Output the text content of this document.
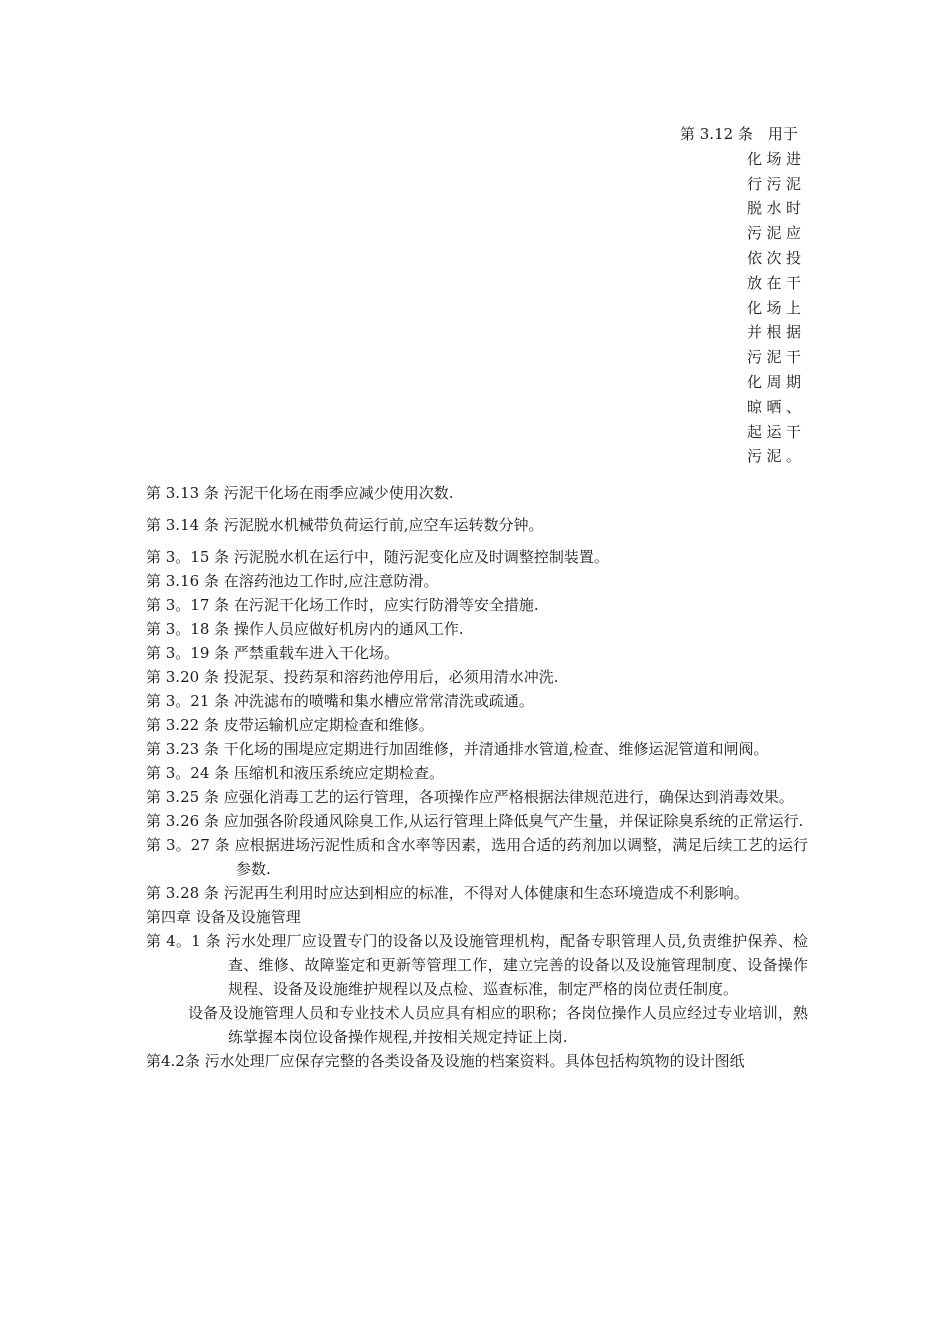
第 3.12 条　用于
化场进
行污泥
脱水时
污泥应
依次投
放在干
化场上
并根据
污泥干
化周期
晾晒、
起运干
污泥。
第 3.13 条 污泥干化场在雨季应减少使用次数.
第 3.14 条 污泥脱水机械带负荷运行前,应空车运转数分钟。
第 3。15 条 污泥脱水机在运行中，随污泥变化应及时调整控制装置。
第 3.16 条 在溶药池边工作时,应注意防滑。
第 3。17 条 在污泥干化场工作时，应实行防滑等安全措施.
第 3。18 条 操作人员应做好机房内的通风工作.
第 3。19 条 严禁重载车进入干化场。
第 3.20 条 投泥泵、投药泵和溶药池停用后，必须用清水冲洗.
第 3。21 条 冲洗滤布的喷嘴和集水槽应常常清洗或疏通。
第 3.22 条 皮带运输机应定期检查和维修。
第 3.23 条 干化场的围堤应定期进行加固维修，并清通排水管道,检查、维修运泥管道和闸阀。
第 3。24 条 压缩机和液压系统应定期检查。
第 3.25 条 应强化消毒工艺的运行管理，各项操作应严格根据法律规范进行，确保达到消毒效果。
第 3.26 条 应加强各阶段通风除臭工作,从运行管理上降低臭气产生量，并保证除臭系统的正常运行.
第 3。27 条 应根据进场污泥性质和含水率等因素，选用合适的药剂加以调整，满足后续工艺的运行参数.
第 3.28 条 污泥再生利用时应达到相应的标准，不得对人体健康和生态环境造成不利影响。
第四章 设备及设施管理
第 4。1 条 污水处理厂应设置专门的设备以及设施管理机构，配备专职管理人员,负责维护保养、检查、维修、故障鉴定和更新等管理工作，建立完善的设备以及设施管理制度、设备操作规程、设备及设施维护规程以及点检、巡查标准，制定严格的岗位责任制度。
设备及设施管理人员和专业技术人员应具有相应的职称；各岗位操作人员应经过专业培训，熟练掌握本岗位设备操作规程,并按相关规定持证上岗.
第4.2条 污水处理厂应保存完整的各类设备及设施的档案资料。具体包括构筑物的设计图纸
